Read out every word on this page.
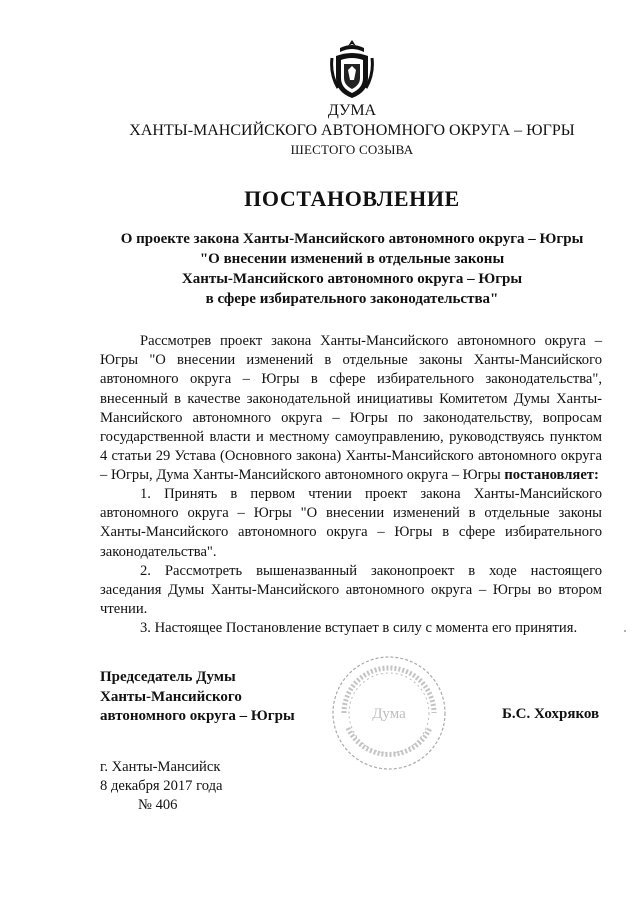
ДУМА
ХАНТЫ-МАНСИЙСКОГО АВТОНОМНОГО ОКРУГА – ЮГРЫ
ШЕСТОГО СОЗЫВА
ПОСТАНОВЛЕНИЕ
О проекте закона Ханты-Мансийского автономного округа – Югры
"О внесении изменений в отдельные законы
Ханты-Мансийского автономного округа – Югры
в сфере избирательного законодательства"

Рассмотрев проект закона Ханты-Мансийского автономного округа – Югры "О внесении изменений в отдельные законы Ханты-Мансийского автономного округа – Югры в сфере избирательного законодательства", внесенный в качестве законодательной инициативы Комитетом Думы Ханты-Мансийского автономного округа – Югры по законодательству, вопросам государственной власти и местному самоуправлению, руководствуясь пунктом 4 статьи 29 Устава (Основного закона) Ханты-Мансийского автономного округа – Югры, Дума Ханты-Мансийского автономного округа – Югры постановляет:

1. Принять в первом чтении проект закона Ханты-Мансийского автономного округа – Югры "О внесении изменений в отдельные законы Ханты-Мансийского автономного округа – Югры в сфере избирательного законодательства".

2. Рассмотреть вышеназванный законопроект в ходе настоящего заседания Думы Ханты-Мансийского автономного округа – Югры во втором чтении.

3. Настоящее Постановление вступает в силу с момента его принятия.

Председатель Думы
Ханты-Мансийского
автономного округа – Югры	Дума	Б.С. Хохряков
г. Ханты-Мансийск
8 декабря 2017 года
№ 406
